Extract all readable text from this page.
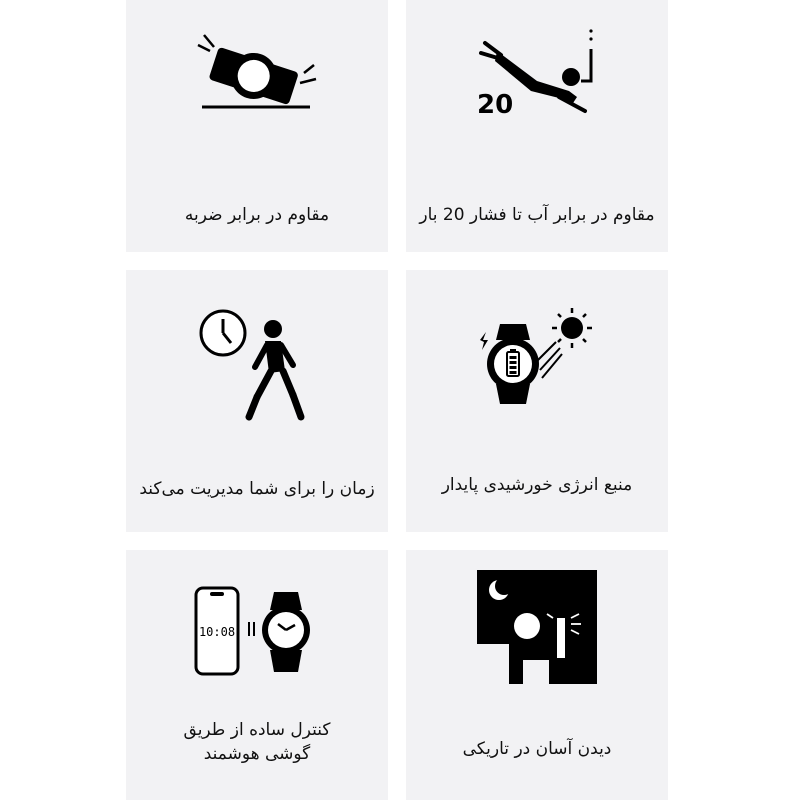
مقاوم در برابر ضربه
20
مقاوم در برابر آب تا فشار 20 بار
زمان را برای شما مدیریت می‌کند	منبع انرژی خورشیدی پایدار
10:08
کنترل ساده از طریق
گوشی هوشمند	دیدن آسان در تاریکی
